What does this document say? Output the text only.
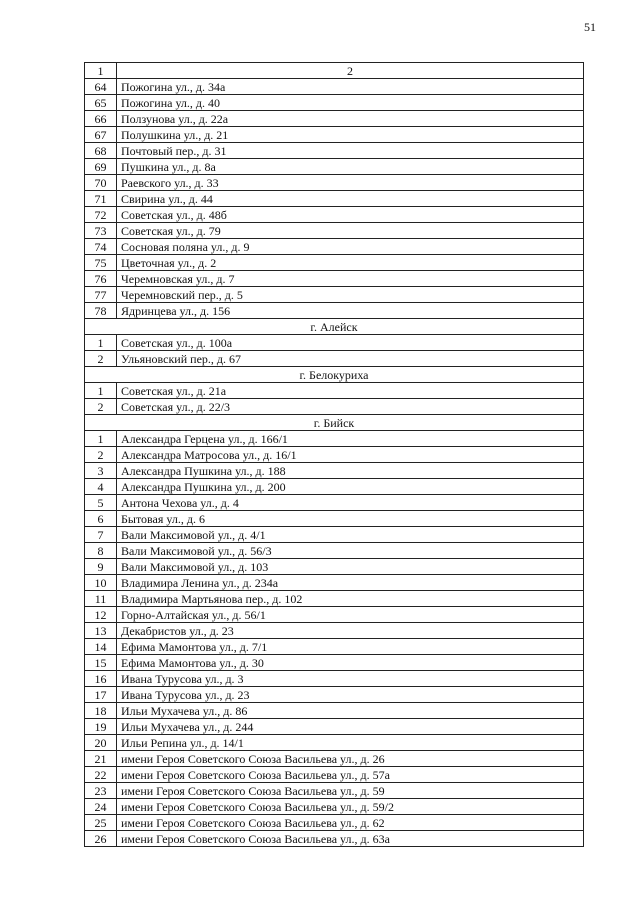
51
1	2
64	Пожогина ул., д. 34а
65	Пожогина ул., д. 40
66	Ползунова ул., д. 22а
67	Полушкина ул., д. 21
68	Почтовый пер., д. 31
69	Пушкина ул., д. 8а
70	Раевского ул., д. 33
71	Свирина ул., д. 44
72	Советская ул., д. 48б
73	Советская ул., д. 79
74	Сосновая поляна ул., д. 9
75	Цветочная ул., д. 2
76	Черемновская ул., д. 7
77	Черемновский пер., д. 5
78	Ядринцева ул., д. 156
г. Алейск	
1	Советская ул., д. 100а
2	Ульяновский пер., д. 67
г. Белокуриха	
1	Советская ул., д. 21а
2	Советская ул., д. 22/3
г. Бийск	
1	Александра Герцена ул., д. 166/1
2	Александра Матросова ул., д. 16/1
3	Александра Пушкина ул., д. 188
4	Александра Пушкина ул., д. 200
5	Антона Чехова ул., д. 4
6	Бытовая ул., д. 6
7	Вали Максимовой ул., д. 4/1
8	Вали Максимовой ул., д. 56/3
9	Вали Максимовой ул., д. 103
10	Владимира Ленина ул., д. 234а
11	Владимира Мартьянова пер., д. 102
12	Горно-Алтайская ул., д. 56/1
13	Декабристов ул., д. 23
14	Ефима Мамонтова ул., д. 7/1
15	Ефима Мамонтова ул., д. 30
16	Ивана Турусова ул., д. 3
17	Ивана Турусова ул., д. 23
18	Ильи Мухачева ул., д. 86
19	Ильи Мухачева ул., д. 244
20	Ильи Репина ул., д. 14/1
21	имени Героя Советского Союза Васильева ул., д. 26
22	имени Героя Советского Союза Васильева ул., д. 57а
23	имени Героя Советского Союза Васильева ул., д. 59
24	имени Героя Советского Союза Васильева ул., д. 59/2
25	имени Героя Советского Союза Васильева ул., д. 62
26	имени Героя Советского Союза Васильева ул., д. 63а
